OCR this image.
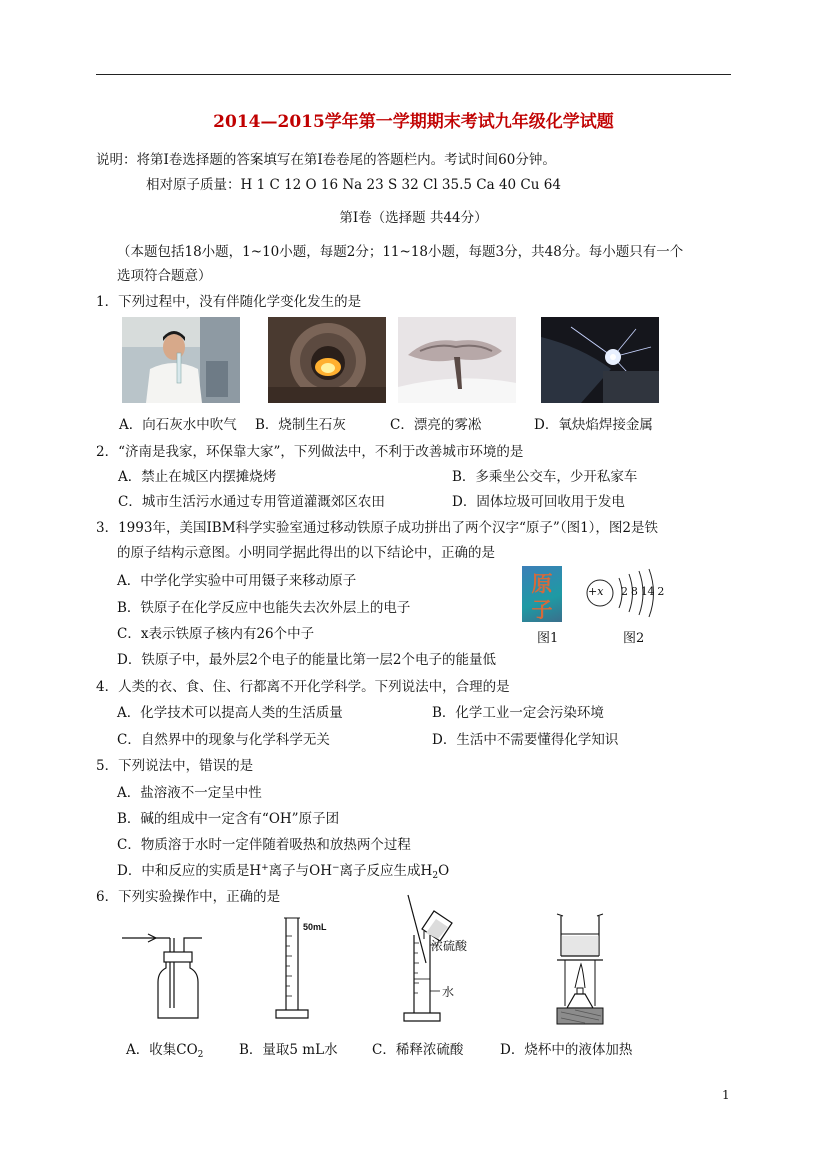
2014—2015学年第一学期期末考试九年级化学试题
说明：将第Ⅰ卷选择题的答案填写在第Ⅰ卷卷尾的答题栏内。考试时间60分钟。
相对原子质量：H 1 C 12 O 16 Na 23 S 32 Cl 35.5 Ca 40 Cu 64
第Ⅰ卷（选择题 共44分）
（本题包括18小题，1~10小题，每题2分；11~18小题，每题3分，共48分。每小题只有一个
选项符合题意）
1．下列过程中，没有伴随化学变化发生的是
A．向石灰水中吹气 B．烧制生石灰	C．漂亮的雾凇	D．氧炔焰焊接金属
2．“济南是我家，环保靠大家”，下列做法中，不利于改善城市环境的是
A．禁止在城区内摆摊烧烤	B．多乘坐公交车，少开私家车
C．城市生活污水通过专用管道灌溉郊区农田	D．固体垃圾可回收用于发电
3．1993年，美国IBM科学实验室通过移动铁原子成功拼出了两个汉字“原子”（图1），图2是铁
的原子结构示意图。小明同学据此得出的以下结论中，正确的是
A．中学化学实验中可用镊子来移动原子
B．铁原子在化学反应中也能失去次外层上的电子
C．x表示铁原子核内有26个中子
D．铁原子中，最外层2个电子的能量比第一层2个电子的能量低
原
子
图1
+x 2 8 14 2
图2
4．人类的衣、食、住、行都离不开化学科学。下列说法中，合理的是
A．化学技术可以提高人类的生活质量	B．化学工业一定会污染环境
C．自然界中的现象与化学科学无关	D．生活中不需要懂得化学知识
5．下列说法中，错误的是
A．盐溶液不一定呈中性
B．碱的组成中一定含有“OH”原子团
C．物质溶于水时一定伴随着吸热和放热两个过程
D．中和反应的实质是H+离子与OH−离子反应生成$H_2O$
6．下列实验操作中，正确的是
50mL
浓硫酸
水
A．收集$CO_2$	B．量取5 mL水	C．稀释浓硫酸	D．烧杯中的液体加热
1
